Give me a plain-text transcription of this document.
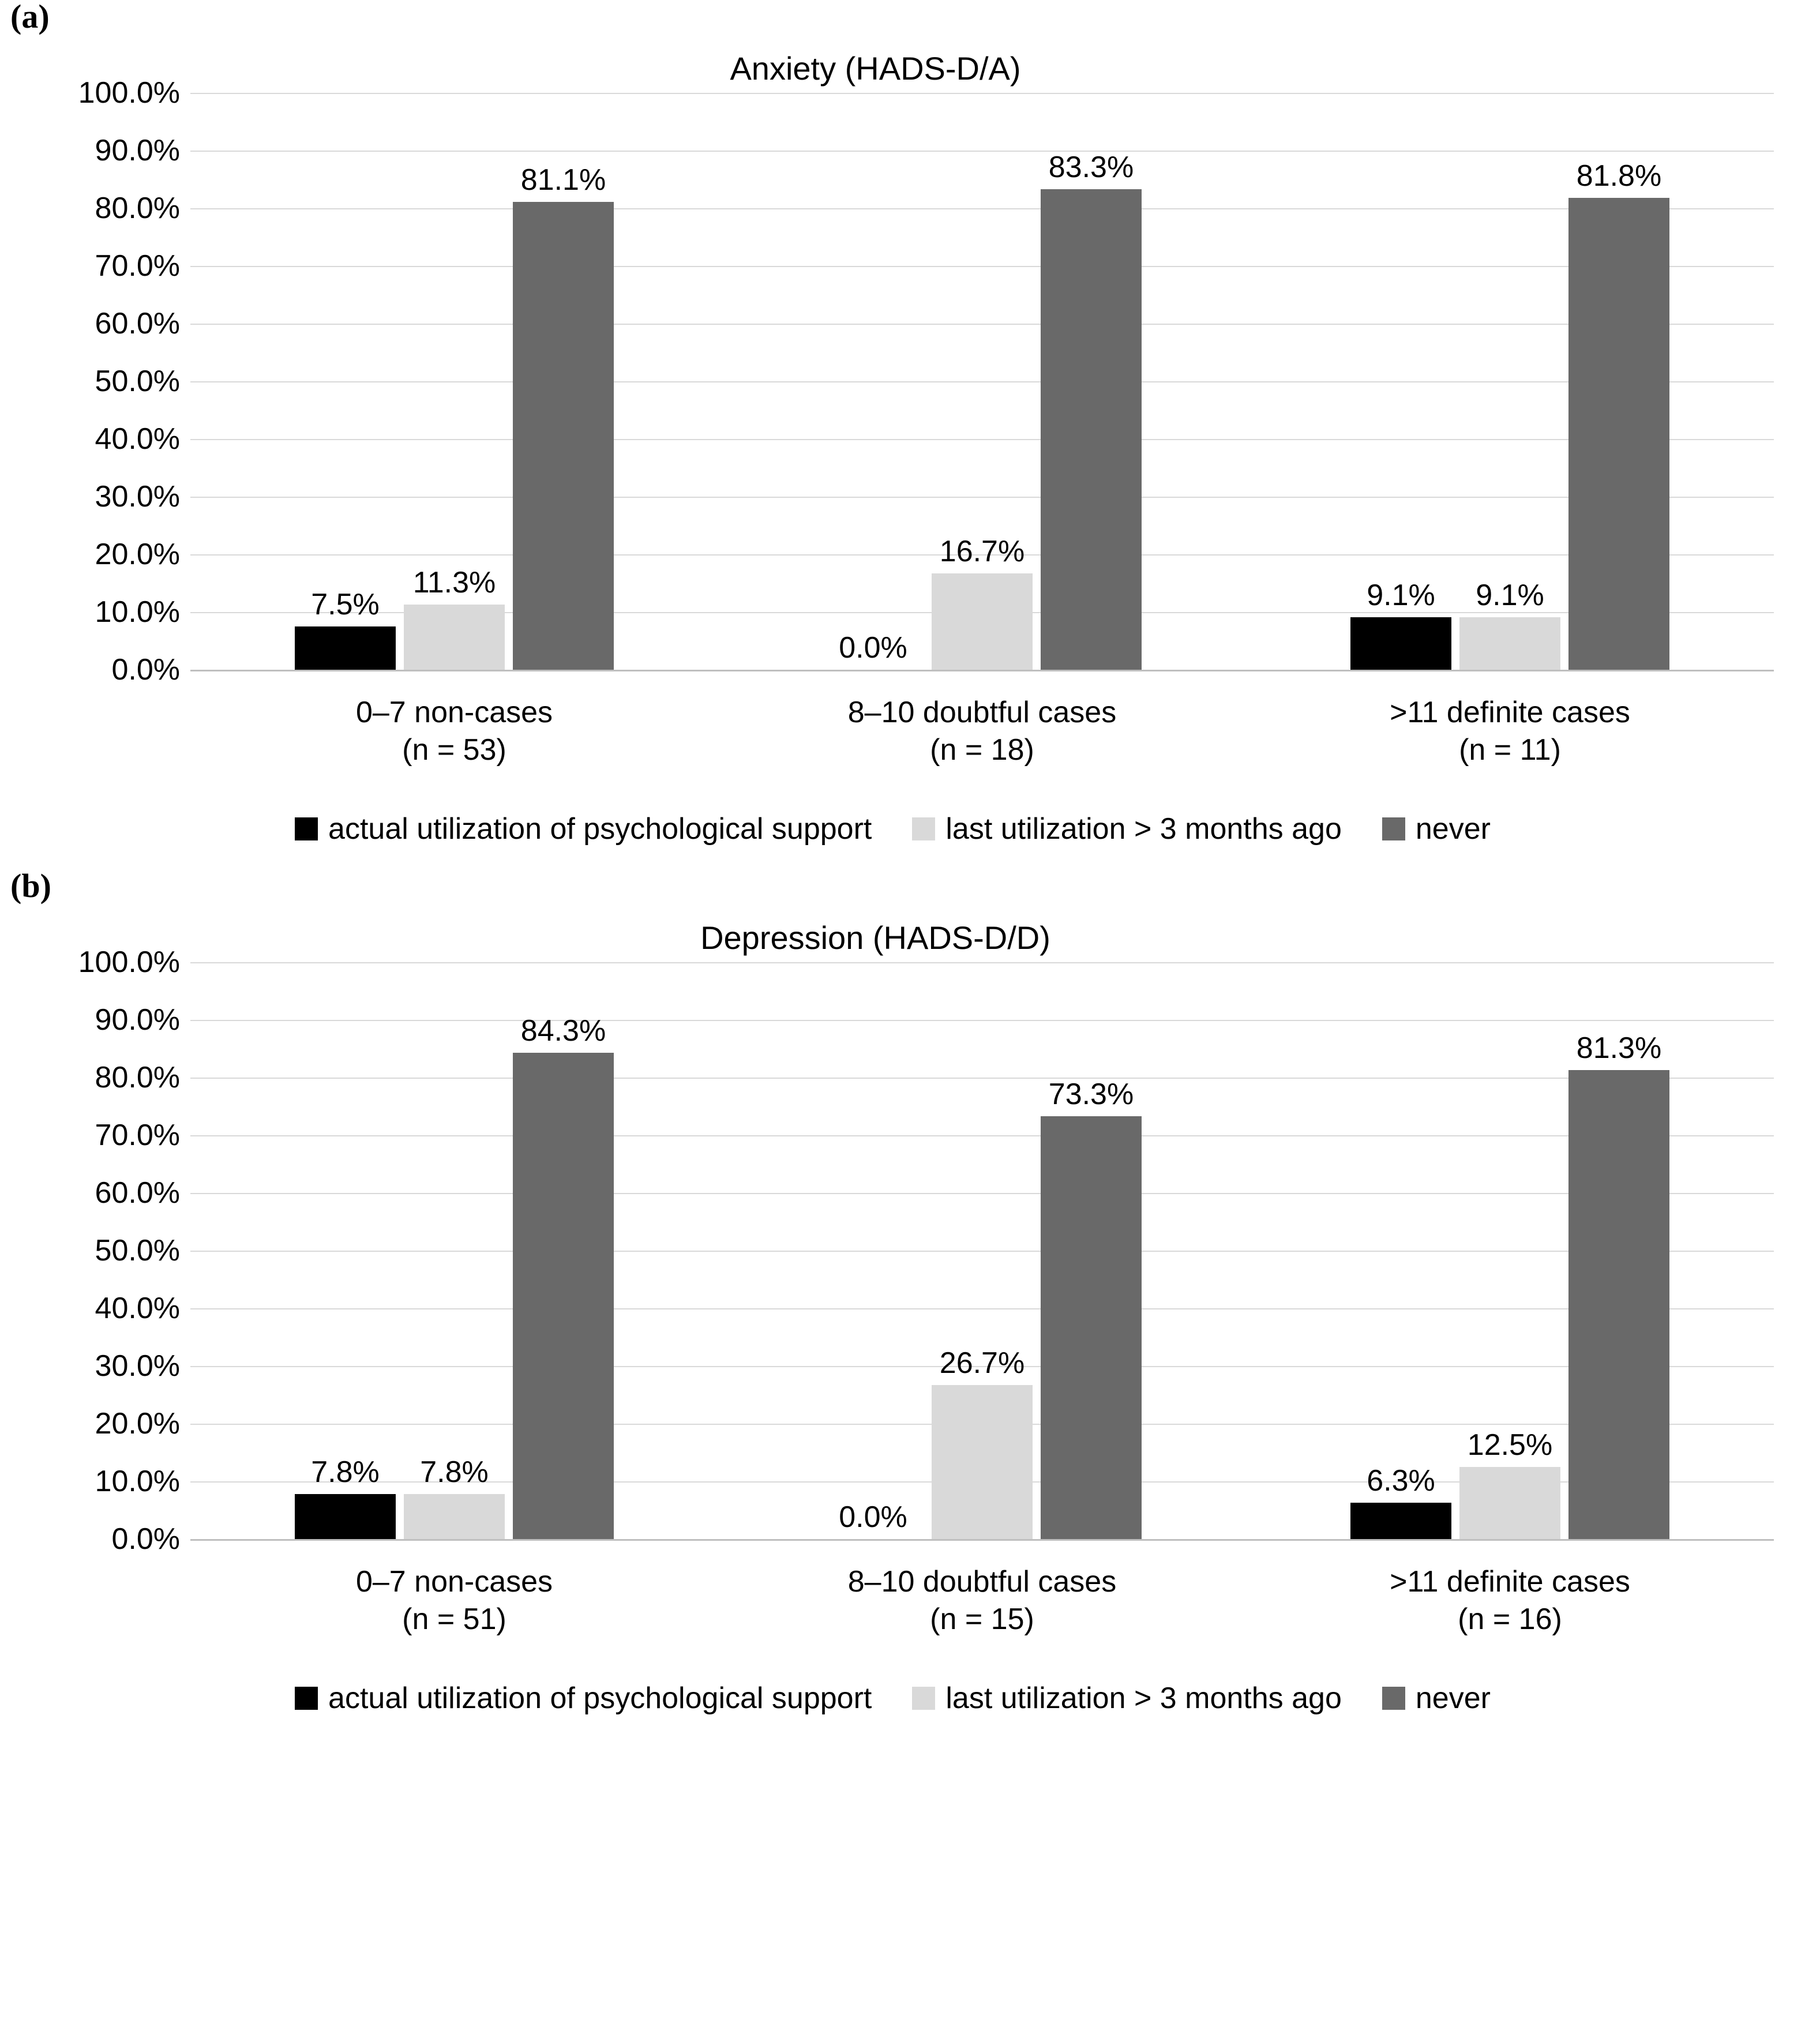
(a)
Anxiety (HADS-D/A)
0.0%
10.0%
20.0%
30.0%
40.0%
50.0%
60.0%
70.0%
80.0%
90.0%
100.0%
7.5%
11.3%
81.1%
0.0%
16.7%
83.3%
9.1% 9.1%
81.8%
0–7 non-cases
(n = 53)
8–10 doubtful cases
(n = 18)
>11 definite cases
(n = 11)
actual utilization of psychological support last utilization > 3 months ago never
(b)
Depression (HADS-D/D)
0.0%
10.0%
20.0%
30.0%
40.0%
50.0%
60.0%
70.0%
80.0%
90.0%
100.0%
7.8% 7.8%
84.3%
0.0%
26.7%
73.3%
6.3%
12.5%
81.3%
0–7 non-cases
(n = 51)
8–10 doubtful cases
(n = 15)
>11 definite cases
(n = 16)
actual utilization of psychological support last utilization > 3 months ago never
